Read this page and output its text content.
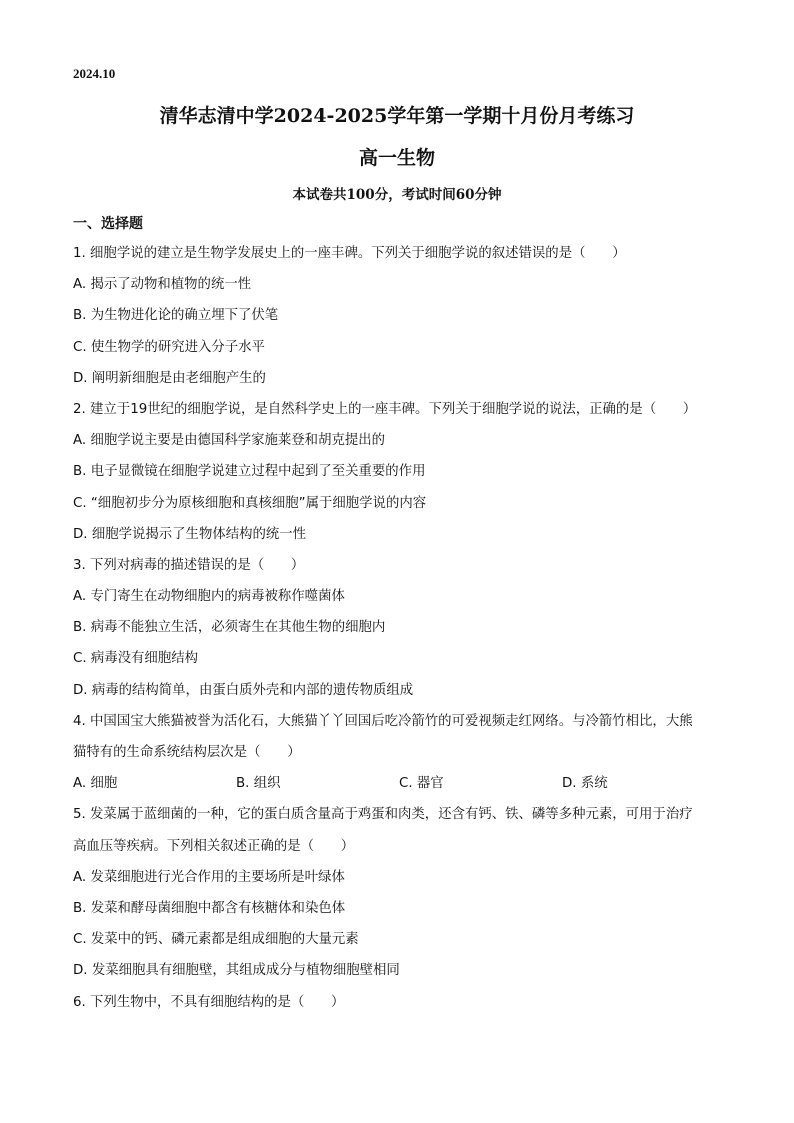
2024.10
清华志清中学2024-2025学年第一学期十月份月考练习
高一生物
本试卷共100分，考试时间60分钟
一、选择题
1. 细胞学说的建立是生物学发展史上的一座丰碑。下列关于细胞学说的叙述错误的是（　　）
A. 揭示了动物和植物的统一性
B. 为生物进化论的确立埋下了伏笔
C. 使生物学的研究进入分子水平
D. 阐明新细胞是由老细胞产生的
2. 建立于19世纪的细胞学说，是自然科学史上的一座丰碑。下列关于细胞学说的说法，正确的是（　　）
A. 细胞学说主要是由德国科学家施莱登和胡克提出的
B. 电子显微镜在细胞学说建立过程中起到了至关重要的作用
C. “细胞初步分为原核细胞和真核细胞”属于细胞学说的内容
D. 细胞学说揭示了生物体结构的统一性
3. 下列对病毒的描述错误的是（　　）
A. 专门寄生在动物细胞内的病毒被称作噬菌体
B. 病毒不能独立生活，必须寄生在其他生物的细胞内
C. 病毒没有细胞结构
D. 病毒的结构简单，由蛋白质外壳和内部的遗传物质组成
4. 中国国宝大熊猫被誉为活化石，大熊猫丫丫回国后吃冷箭竹的可爱视频走红网络。与冷箭竹相比，大熊
猫特有的生命系统结构层次是（　　）
A. 细胞	B. 组织	C. 器官	D. 系统
5. 发菜属于蓝细菌的一种，它的蛋白质含量高于鸡蛋和肉类，还含有钙、铁、磷等多种元素，可用于治疗
高血压等疾病。下列相关叙述正确的是（　　）
A. 发菜细胞进行光合作用的主要场所是叶绿体
B. 发菜和酵母菌细胞中都含有核糖体和染色体
C. 发菜中的钙、磷元素都是组成细胞的大量元素
D. 发菜细胞具有细胞壁，其组成成分与植物细胞壁相同
6. 下列生物中，不具有细胞结构的是（　　）
